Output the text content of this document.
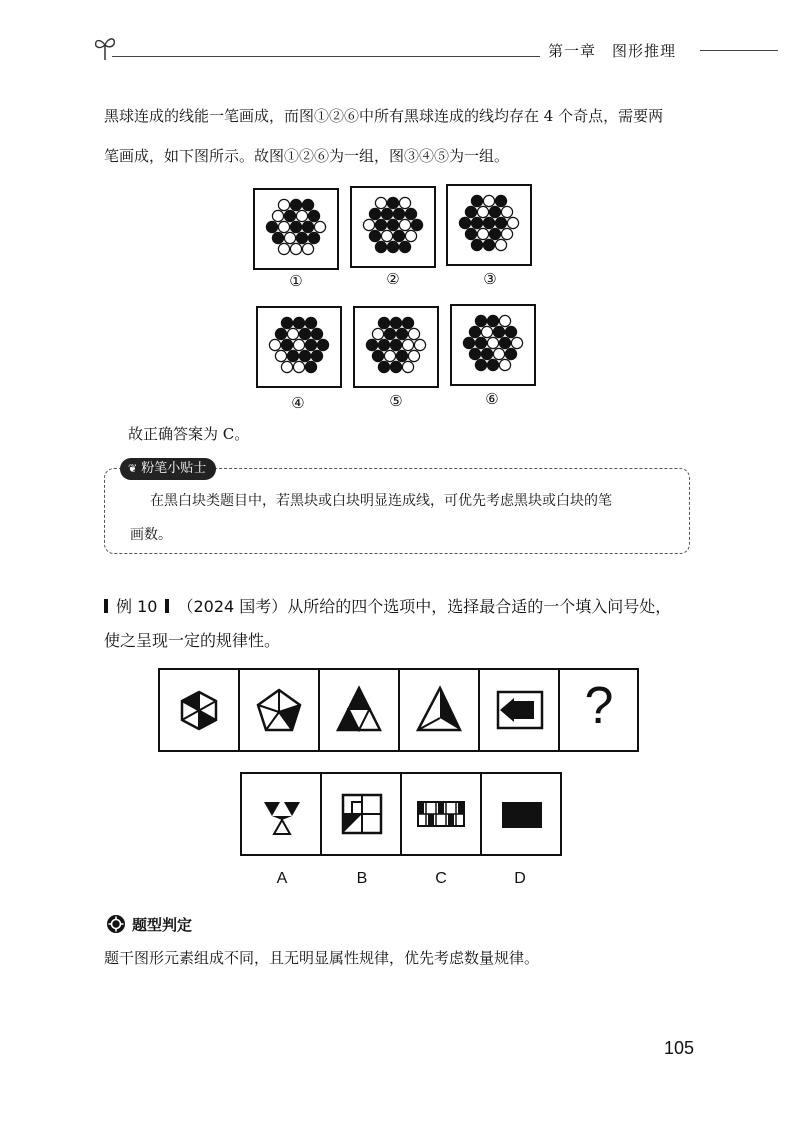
第一章　图形推理
黑球连成的线能一笔画成，而图①②⑥中所有黑球连成的线均存在 4 个奇点，需要两
笔画成，如下图所示。故图①②⑥为一组，图③④⑤为一组。
①	②	③
④	⑤	⑥
故正确答案为 C。
❦ 粉笔小贴士
在黑白块类题目中，若黑块或白块明显连成线，可优先考虑黑块或白块的笔
画数。
例 10 （2024 国考）从所给的四个选项中，选择最合适的一个填入问号处，
使之呈现一定的规律性。
?
A	B	C	D
题型判定
题干图形元素组成不同，且无明显属性规律，优先考虑数量规律。
105
